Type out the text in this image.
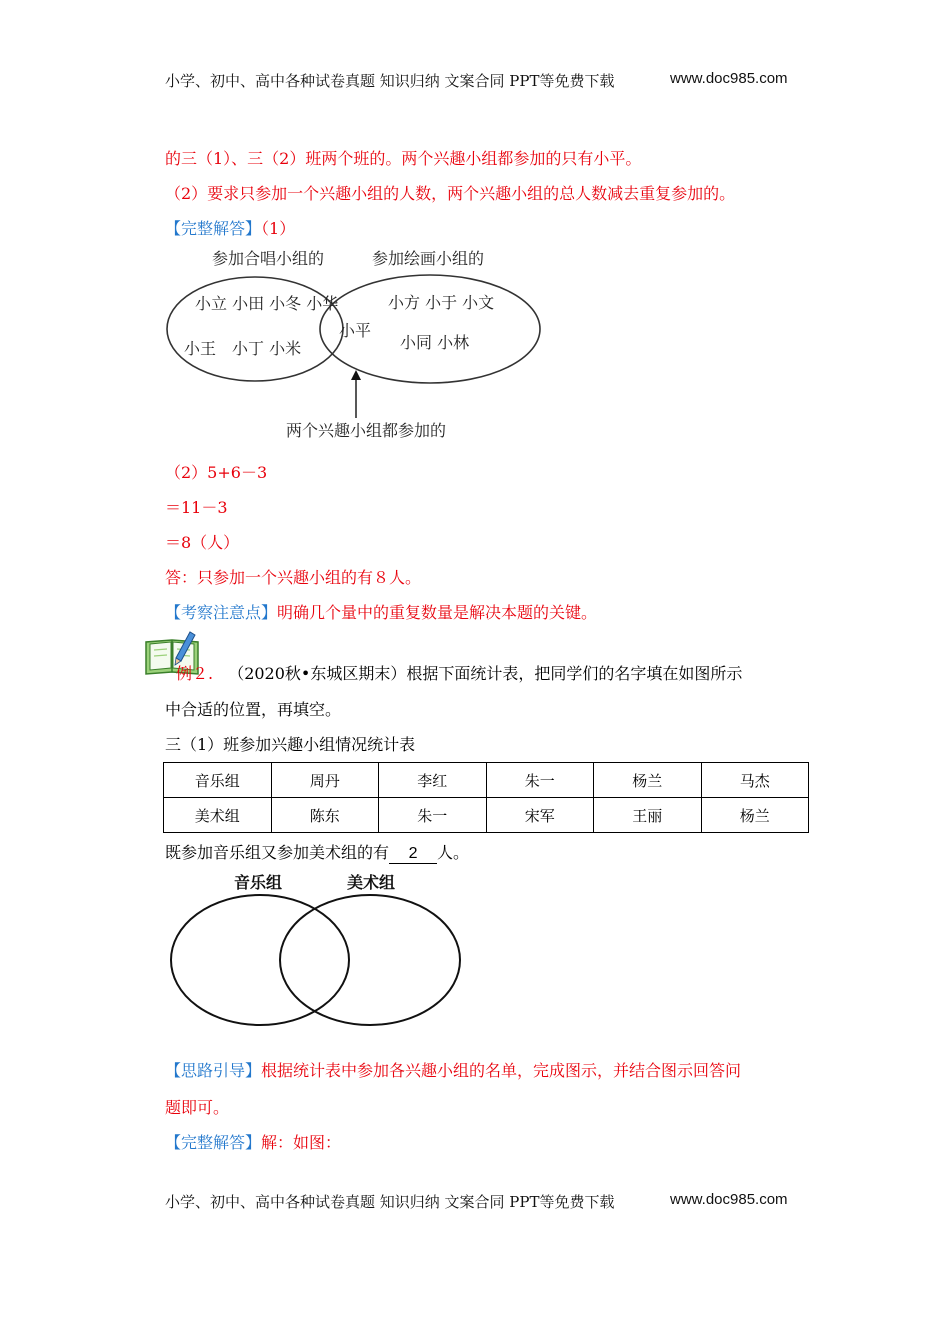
小学、初中、高中各种试卷真题 知识归纳 文案合同 PPT等免费下载	www.doc985.com
的三（1）、三（2）班两个班的。两个兴趣小组都参加的只有小平。
（2）要求只参加一个兴趣小组的人数，两个兴趣小组的总人数减去重复参加的。
【完整解答】（1）
参加合唱小组的	参加绘画小组的
小立 小田 小冬 小华
小王　小丁 小米
小平
小方 小于 小文
小同 小林
两个兴趣小组都参加的
（2）5+6－3
＝11－3
＝8（人）
答：只参加一个兴趣小组的有８人。
【考察注意点】明确几个量中的重复数量是解决本题的关键。
例２. （2020秋•东城区期末）根据下面统计表，把同学们的名字填在如图所示
中合适的位置，再填空。
三（1）班参加兴趣小组情况统计表
音乐组	周丹	李红	朱一	杨兰	马杰
美术组	陈东	朱一	宋军	王丽	杨兰
既参加音乐组又参加美术组的有 2 人。
音乐组	美术组
【思路引导】根据统计表中参加各兴趣小组的名单，完成图示，并结合图示回答问
题即可。
【完整解答】解：如图：
小学、初中、高中各种试卷真题 知识归纳 文案合同 PPT等免费下载	www.doc985.com
